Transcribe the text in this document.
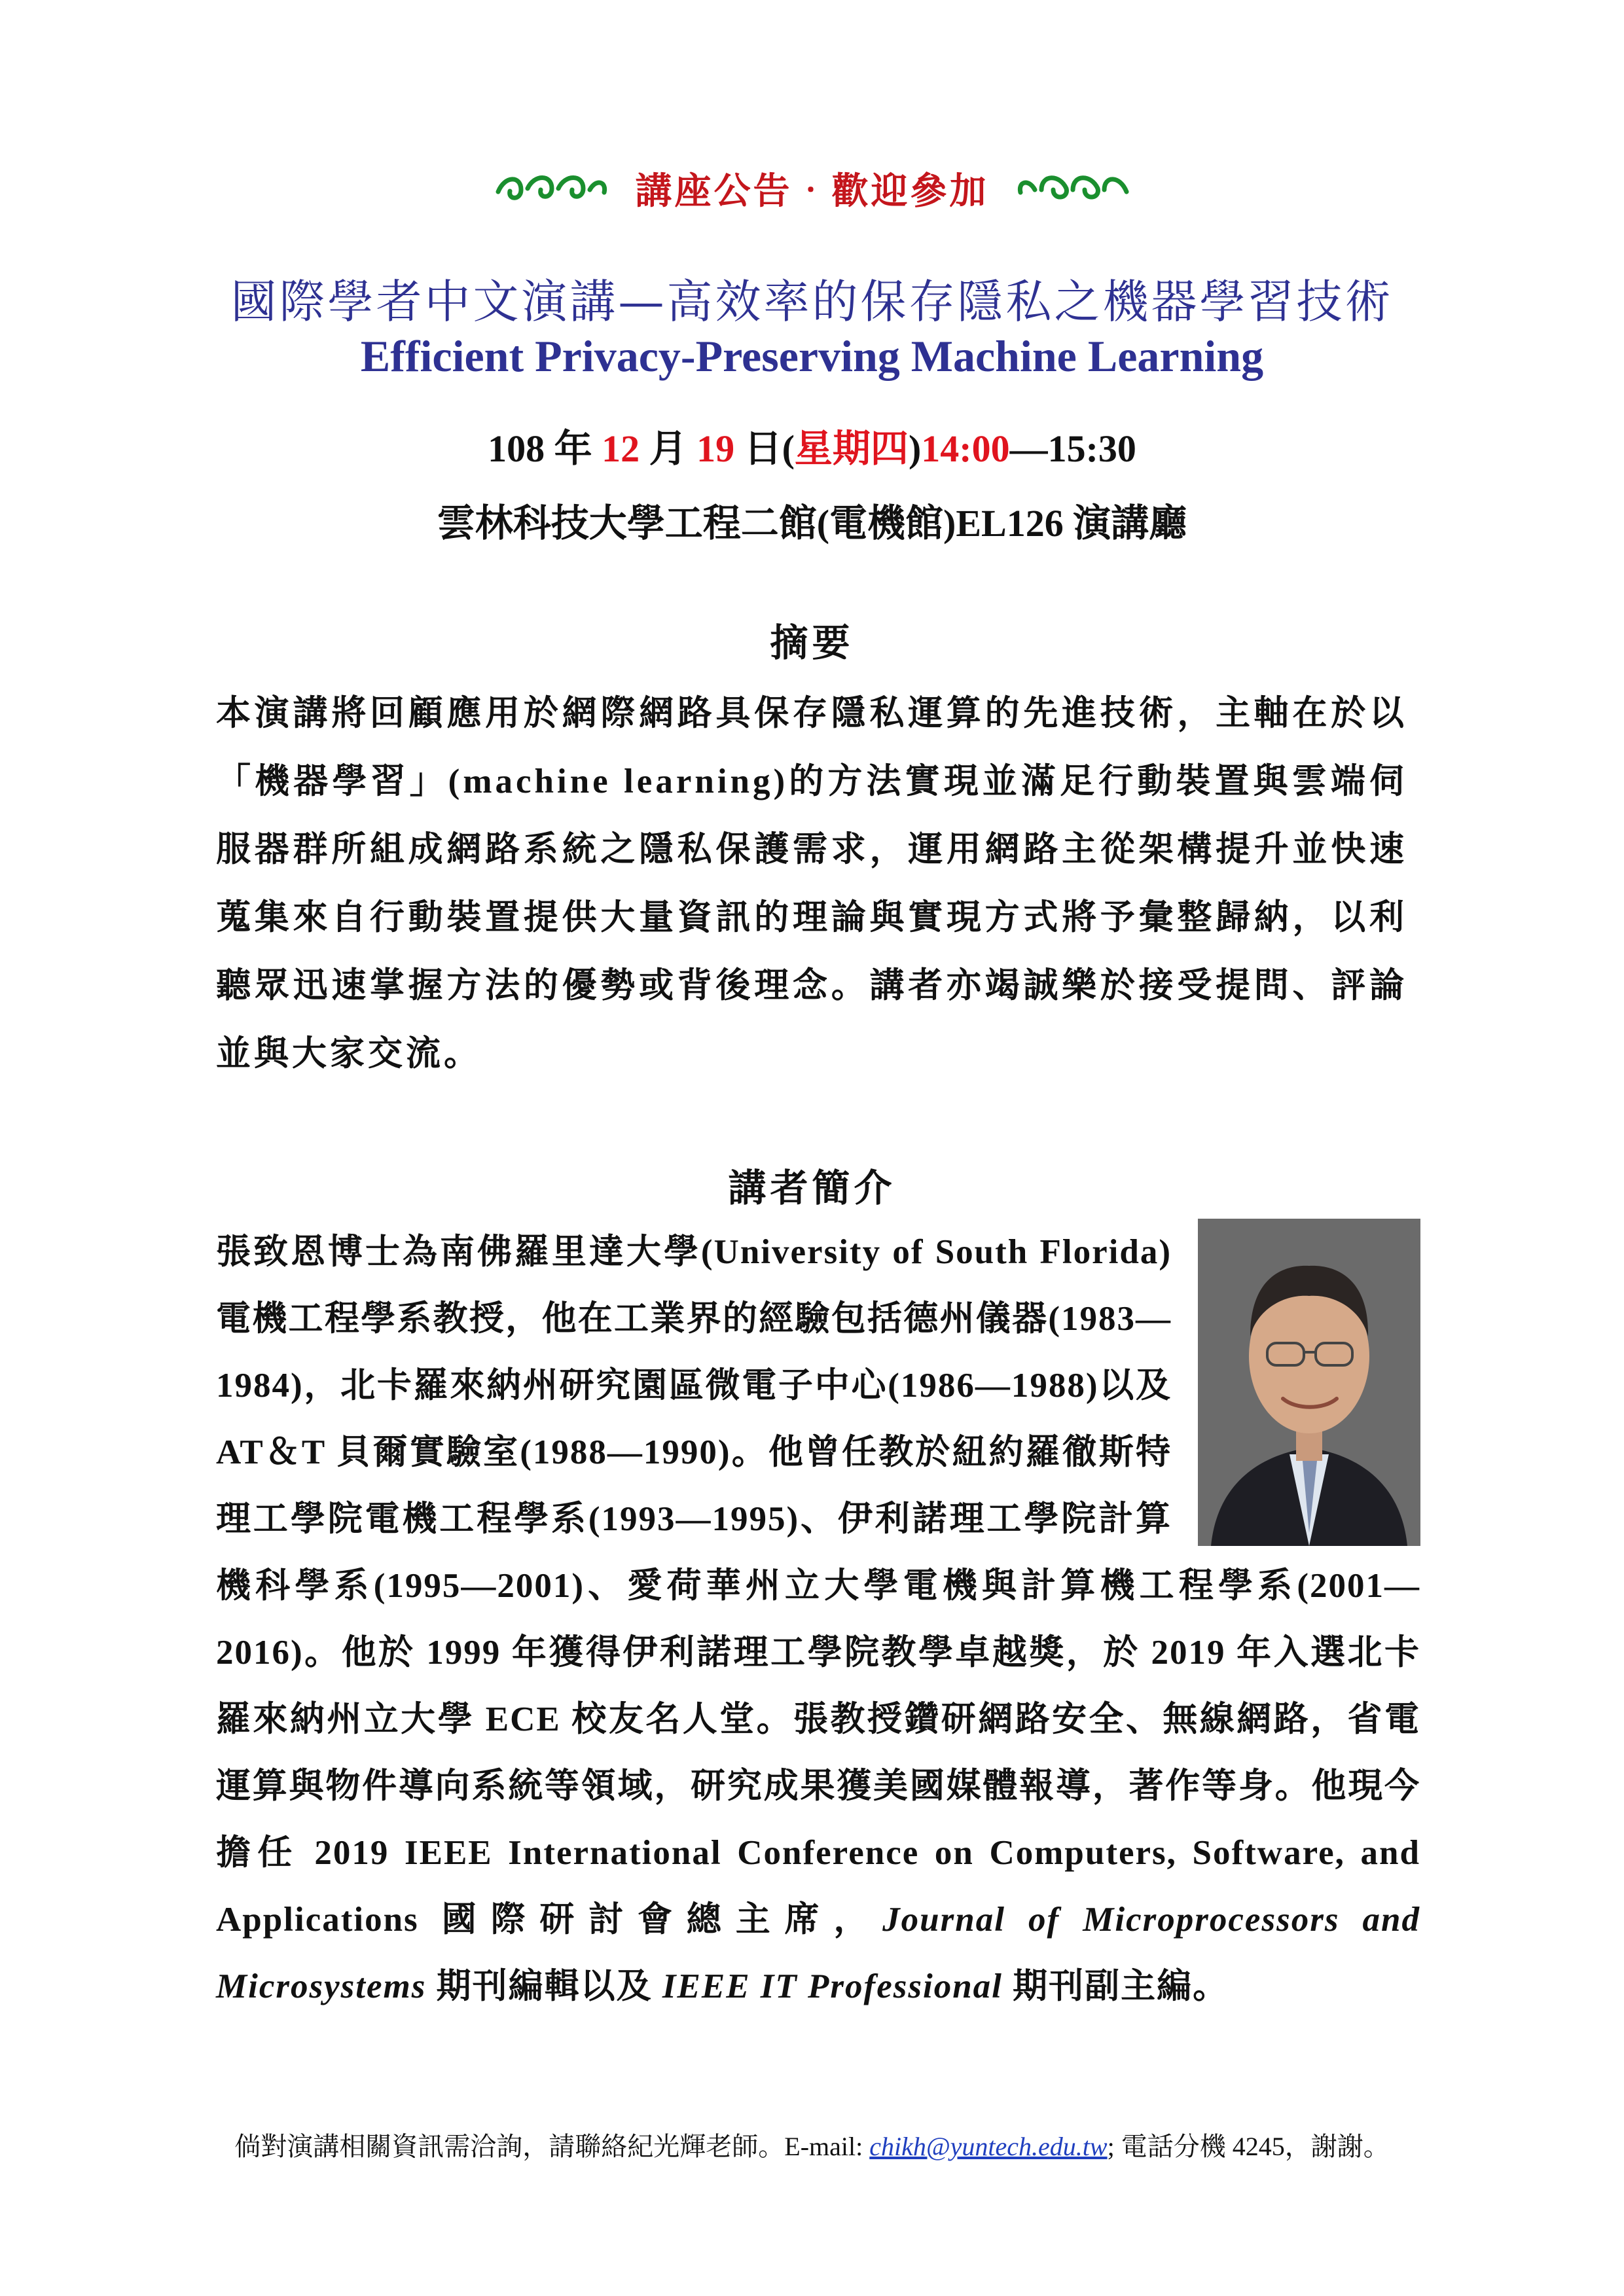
講座公告‧歡迎參加
國際學者中文演講—高效率的保存隱私之機器學習技術
Efficient Privacy-Preserving Machine Learning
108 年 12 月 19 日(星期四)14:00—15:30
雲林科技大學工程二館(電機館)EL126 演講廳
摘要
本演講將回顧應用於網際網路具保存隱私運算的先進技術，主軸在於以「機器學習」(machine learning)的方法實現並滿足行動裝置與雲端伺服器群所組成網路系統之隱私保護需求，運用網路主從架構提升並快速蒐集來自行動裝置提供大量資訊的理論與實現方式將予彙整歸納，以利聽眾迅速掌握方法的優勢或背後理念。講者亦竭誠樂於接受提問、評論並與大家交流。
講者簡介
張致恩博士為南佛羅里達大學(University of South Florida)電機工程學系教授，他在工業界的經驗包括德州儀器(1983—1984)，北卡羅來納州研究園區微電子中心(1986—1988)以及 AT＆T 貝爾實驗室(1988—1990)。他曾任教於紐約羅徹斯特理工學院電機工程學系(1993—1995)、伊利諾理工學院計算機科學系(1995—2001)、愛荷華州立大學電機與計算機工程學系(2001—2016)。他於 1999 年獲得伊利諾理工學院教學卓越獎，於 2019 年入選北卡羅來納州立大學 ECE 校友名人堂。張教授鑽研網路安全、無線網路，省電運算與物件導向系統等領域，研究成果獲美國媒體報導，著作等身。他現今擔任 2019 IEEE International Conference on Computers, Software, and Applications 國際研討會總主席，Journal of Microprocessors and Microsystems 期刊編輯以及 IEEE IT Professional 期刊副主編。
倘對演講相關資訊需洽詢，請聯絡紀光輝老師。E-mail: chikh@yuntech.edu.tw; 電話分機 4245，謝謝。
